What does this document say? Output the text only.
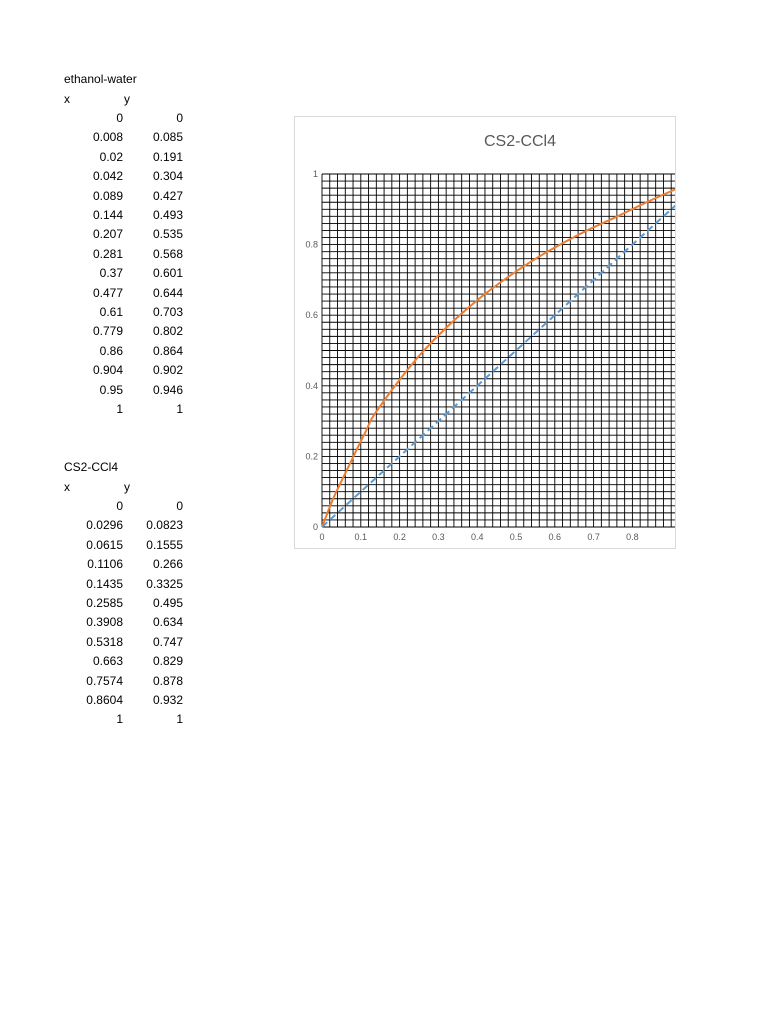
ethanol-water
x	y
0	0
0.008	0.085
0.02	0.191
0.042	0.304
0.089	0.427
0.144	0.493
0.207	0.535
0.281	0.568
0.37	0.601
0.477	0.644
0.61	0.703
0.779	0.802
0.86	0.864
0.904	0.902
0.95	0.946
1	1
CS2-CCl4
x	y
0	0
0.0296	0.0823
0.0615	0.1555
0.1106	0.266
0.1435	0.3325
0.2585	0.495
0.3908	0.634
0.5318	0.747
0.663	0.829
0.7574	0.878
0.8604	0.932
1	1
CS2-CCl4
0	0.1	0.2	0.3	0.4	0.5	0.6	0.7	0.8
0
0.2
0.4
0.6
0.8
1
